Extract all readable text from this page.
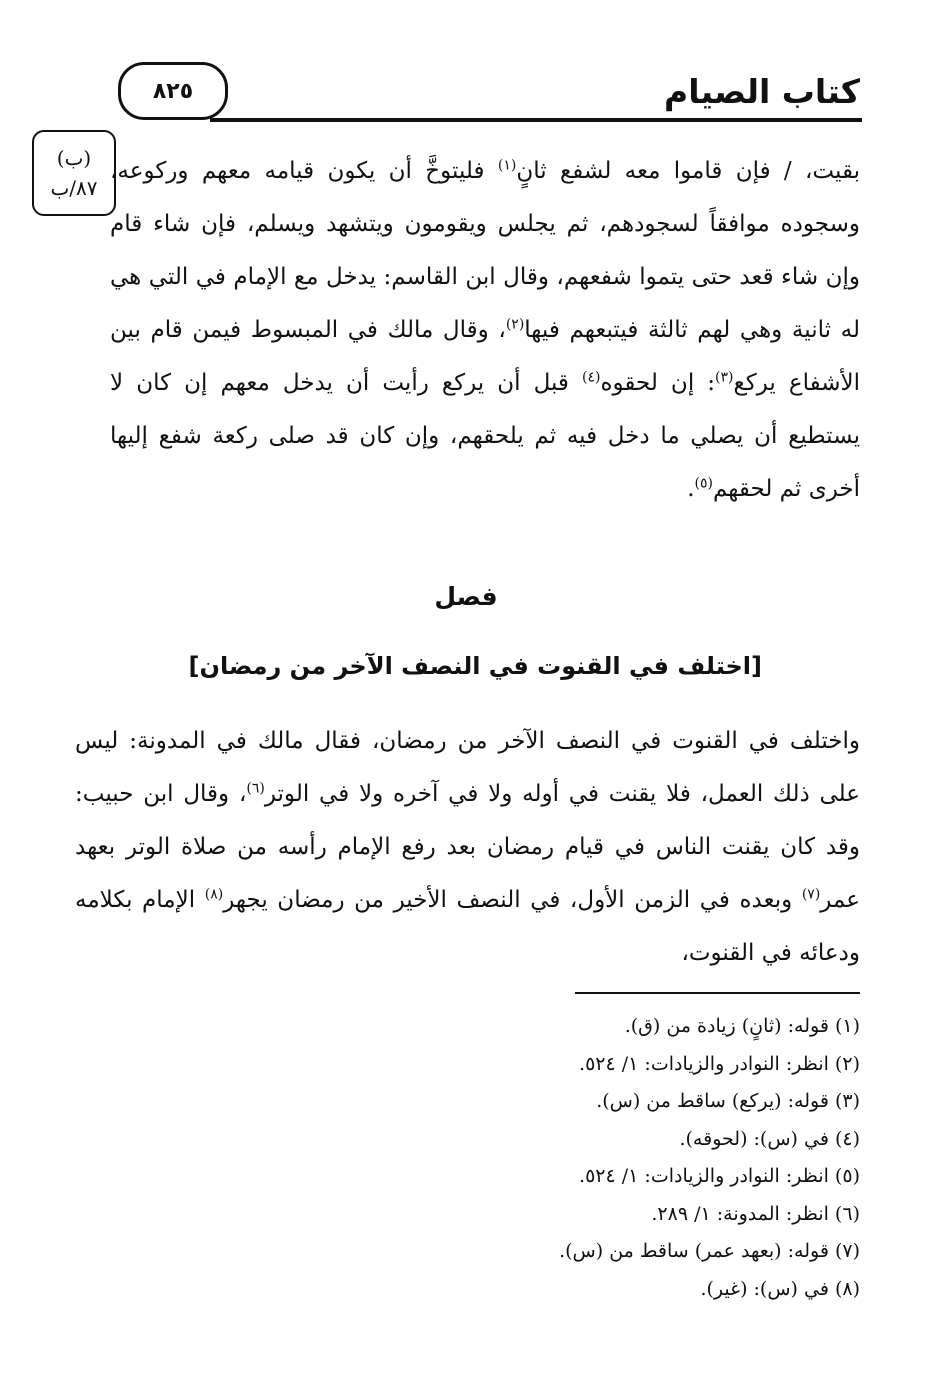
كتاب الصيام
٨٢٥
(ب)
٨٧/ب
بقيت، / فإن قاموا معه لشفع ثانٍ$^{(١)}$ فليتوخَّ أن يكون قيامه معهم وركوعه، وسجوده موافقاً لسجودهم، ثم يجلس ويقومون ويتشهد ويسلم، فإن شاء قام وإن شاء قعد حتى يتموا شفعهم، وقال ابن القاسم: يدخل مع الإمام في التي هي له ثانية وهي لهم ثالثة فيتبعهم فيها$^{(٢)}$، وقال مالك في المبسوط فيمن قام بين الأشفاع يركع$^{(٣)}$: إن لحقوه$^{(٤)}$ قبل أن يركع رأيت أن يدخل معهم إن كان لا يستطيع أن يصلي ما دخل فيه ثم يلحقهم، وإن كان قد صلى ركعة شفع إليها أخرى ثم لحقهم$^{(٥)}$.
فصل
[اختلف في القنوت في النصف الآخر من رمضان]
واختلف في القنوت في النصف الآخر من رمضان، فقال مالك في المدونة: ليس على ذلك العمل، فلا يقنت في أوله ولا في آخره ولا في الوتر$^{(٦)}$، وقال ابن حبيب: وقد كان يقنت الناس في قيام رمضان بعد رفع الإمام رأسه من صلاة الوتر بعهد عمر$^{(٧)}$ وبعده في الزمن الأول، في النصف الأخير من رمضان يجهر$^{(٨)}$ الإمام بكلامه ودعائه في القنوت،
(١) قوله: (ثانٍ) زيادة من (ق).
(٢) انظر: النوادر والزيادات: ١/ ٥٢٤.
(٣) قوله: (يركع) ساقط من (س).
(٤) في (س): (لحوقه).
(٥) انظر: النوادر والزيادات: ١/ ٥٢٤.
(٦) انظر: المدونة: ١/ ٢٨٩.
(٧) قوله: (بعهد عمر) ساقط من (س).
(٨) في (س): (غير).
